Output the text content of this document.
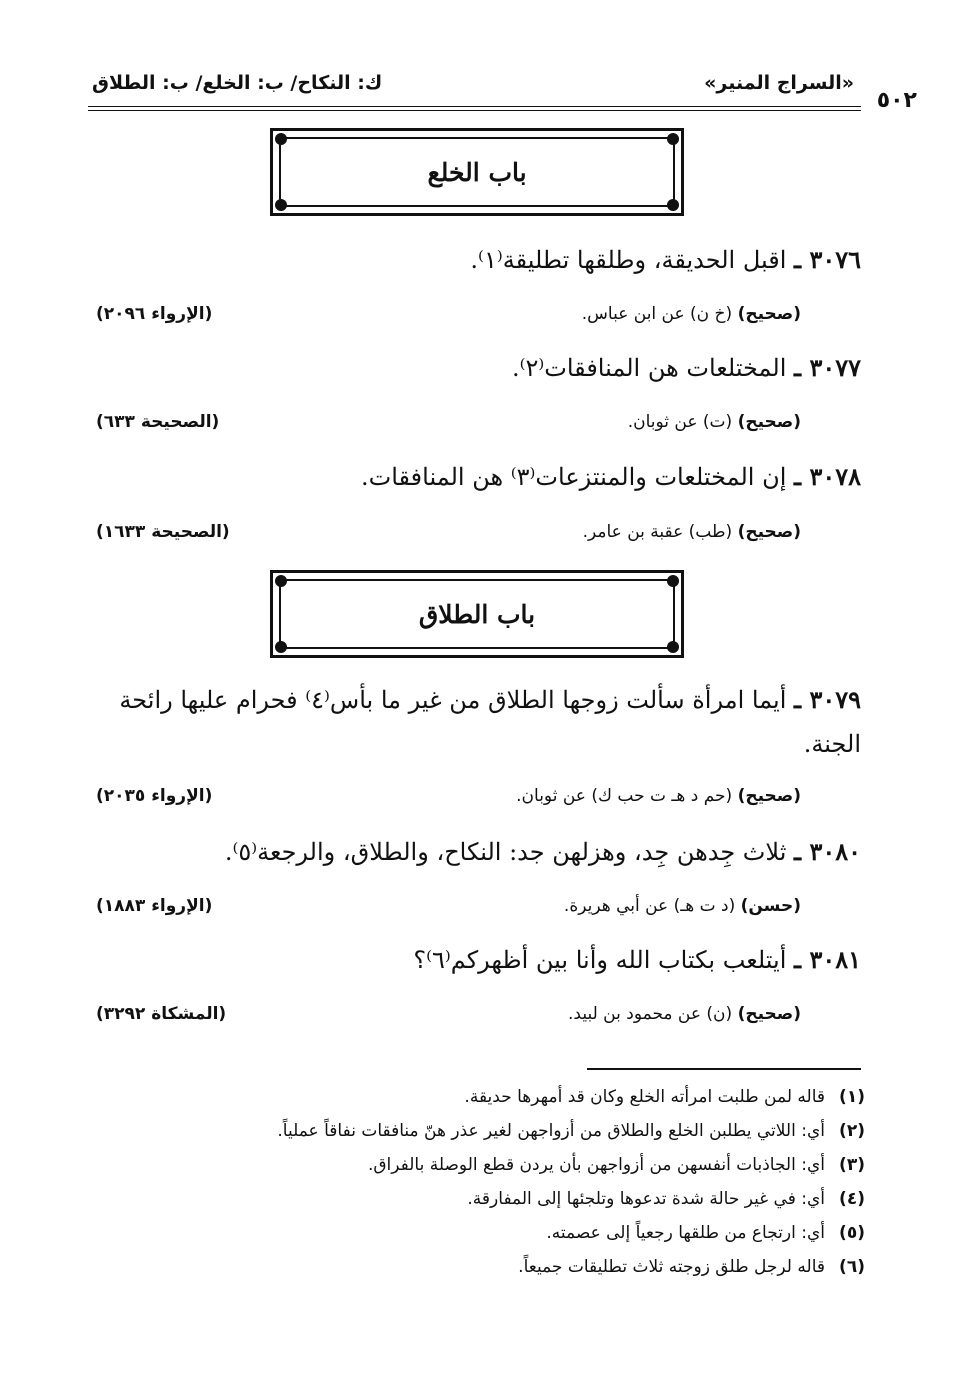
ك: النكاح/ ب: الخلع/ ب: الطلاق	«السراج المنير»
٥٠٢
باب الخلع
٣٠٧٦ ـ اقبل الحديقة، وطلقها تطليقة⁽١⁾.
(صحيح) (خ ن) عن ابن عباس.
(الإرواء ٢٠٩٦)
٣٠٧٧ ـ المختلعات هن المنافقات⁽٢⁾.
(صحيح) (ت) عن ثوبان.
(الصحيحة ٦٣٣)
٣٠٧٨ ـ إن المختلعات والمنتزعات⁽٣⁾ هن المنافقات.
(صحيح) (طب) عقبة بن عامر.
(الصحيحة ١٦٣٣)
باب الطلاق
٣٠٧٩ ـ أيما امرأة سألت زوجها الطلاق من غير ما بأس⁽٤⁾ فحرام عليها رائحة الجنة.
(صحيح) (حم د هـ ت حب ك) عن ثوبان.
(الإرواء ٢٠٣٥)
٣٠٨٠ ـ ثلاث جِدهن جِد، وهزلهن جد: النكاح، والطلاق، والرجعة⁽٥⁾.
(حسن) (د ت هـ) عن أبي هريرة.
(الإرواء ١٨٨٣)
٣٠٨١ ـ أيتلعب بكتاب الله وأنا بين أظهركم⁽٦⁾؟
(صحيح) (ن) عن محمود بن لبيد.
(المشكاة ٣٢٩٢)
(١)قاله لمن طلبت امرأته الخلع وكان قد أمهرها حديقة.
(٢)أي: اللاتي يطلبن الخلع والطلاق من أزواجهن لغير عذر هنّ منافقات نفاقاً عملياً.
(٣)أي: الجاذبات أنفسهن من أزواجهن بأن يردن قطع الوصلة بالفراق.
(٤)أي: في غير حالة شدة تدعوها وتلجئها إلى المفارقة.
(٥)أي: ارتجاع من طلقها رجعياً إلى عصمته.
(٦)قاله لرجل طلق زوجته ثلاث تطليقات جميعاً.
